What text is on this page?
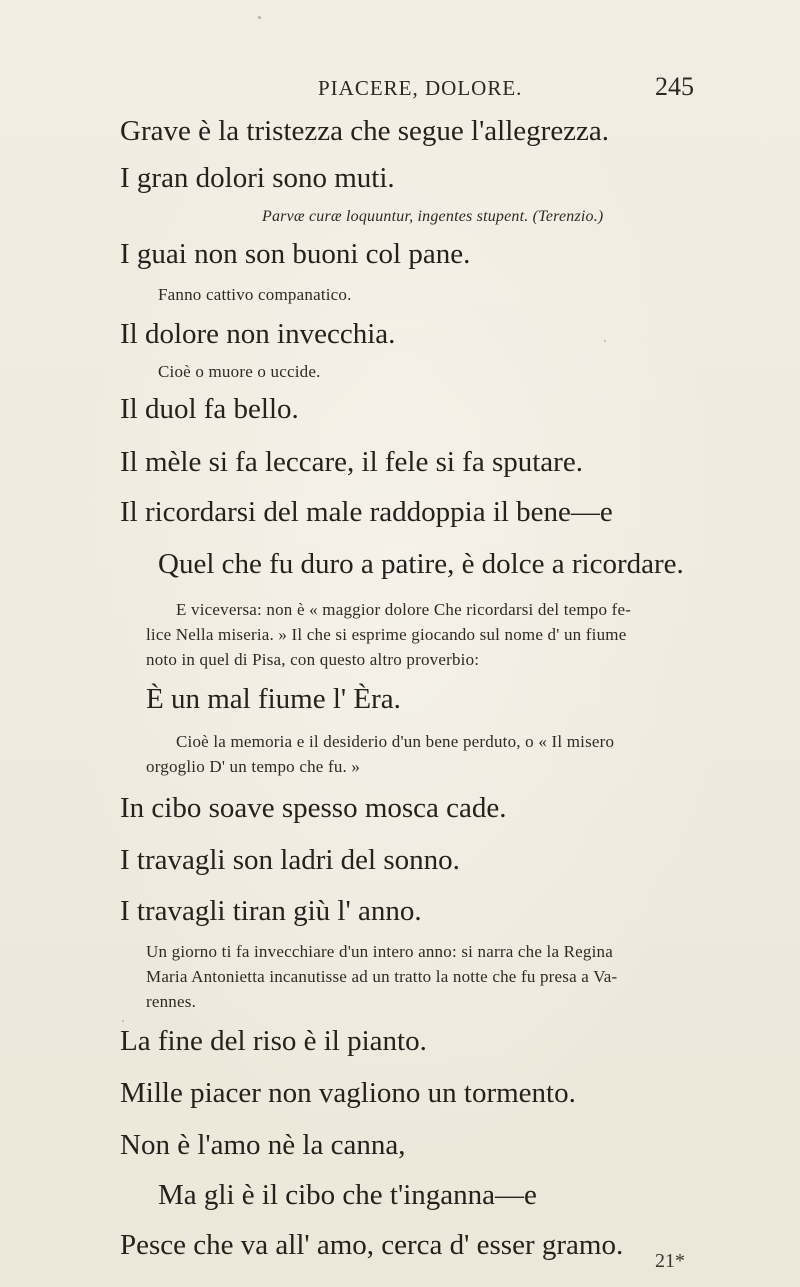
PIACERE, DOLORE.	245
Grave è la tristezza che segue l'allegrezza.
I gran dolori sono muti.
Parvæ curæ loquuntur, ingentes stupent. (Terenzio.)
I guai non son buoni col pane.
Fanno cattivo companatico.
Il dolore non invecchia.
Cioè o muore o uccide.
Il duol fa bello.
Il mèle si fa leccare, il fele si fa sputare.
Il ricordarsi del male raddoppia il bene—e
Quel che fu duro a patire, è dolce a ricordare.
E viceversa: non è « maggior dolore Che ricordarsi del tempo fe-
lice Nella miseria. » Il che si esprime giocando sul nome d' un fiume
noto in quel di Pisa, con questo altro proverbio:
È un mal fiume l' Èra.
Cioè la memoria e il desiderio d'un bene perduto, o « Il misero
orgoglio D' un tempo che fu. »
In cibo soave spesso mosca cade.
I travagli son ladri del sonno.
I travagli tiran giù l' anno.
Un giorno ti fa invecchiare d'un intero anno: si narra che la Regina
Maria Antonietta incanutisse ad un tratto la notte che fu presa a Va-
rennes.
La fine del riso è il pianto.
Mille piacer non vagliono un tormento.
Non è l'amo nè la canna,
Ma gli è il cibo che t'inganna—e
Pesce che va all' amo, cerca d' esser gramo. 21*
